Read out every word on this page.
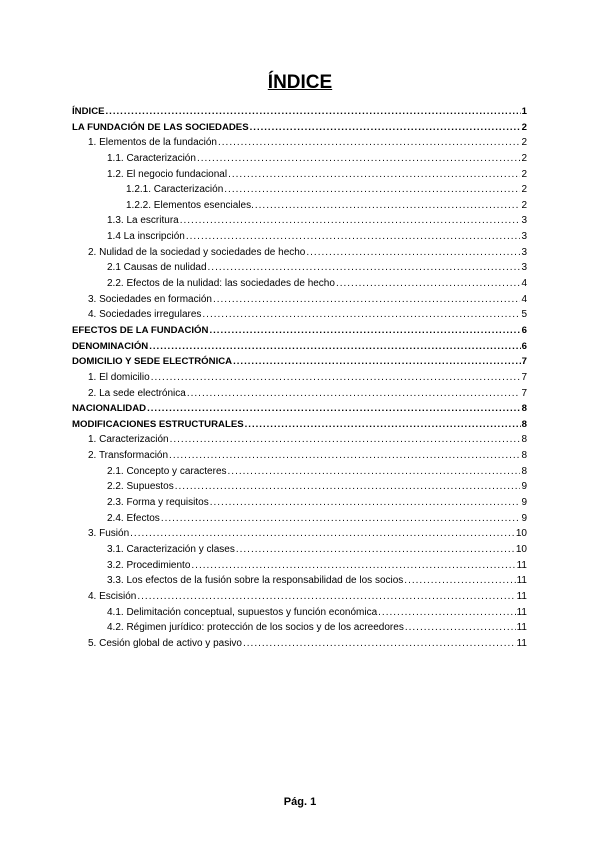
ÍNDICE
ÍNDICE .....	1
LA FUNDACIÓN DE LAS SOCIEDADES .....	2
1. Elementos de la fundación .....	2
1.1. Caracterización .....	2
1.2. El negocio fundacional .....	2
1.2.1. Caracterización .....	2
1.2.2. Elementos esenciales. .....	2
1.3. La escritura .....	3
1.4 La inscripción .....	3
2. Nulidad de la sociedad y sociedades de hecho .....	3
2.1 Causas de nulidad .....	3
2.2. Efectos de la nulidad: las sociedades de hecho .....	4
3. Sociedades en formación .....	4
4. Sociedades irregulares .....	5
EFECTOS DE LA FUNDACIÓN .....	6
DENOMINACIÓN .....	6
DOMICILIO Y SEDE ELECTRÓNICA .....	7
1. El domicilio .....	7
2. La sede electrónica .....	7
NACIONALIDAD .....	8
MODIFICACIONES ESTRUCTURALES .....	8
1. Caracterización .....	8
2. Transformación .....	8
2.1. Concepto y caracteres .....	8
2.2. Supuestos .....	9
2.3. Forma y requisitos .....	9
2.4. Efectos .....	9
3. Fusión .....	10
3.1. Caracterización y clases .....	10
3.2. Procedimiento .....	11
3.3. Los efectos de la fusión sobre la responsabilidad de los socios .....	11
4. Escisión .....	11
4.1. Delimitación conceptual, supuestos y función económica .....	11
4.2. Régimen jurídico: protección de los socios y de los acreedores .....	11
5. Cesión global de activo y pasivo .....	11
Pág. 1
